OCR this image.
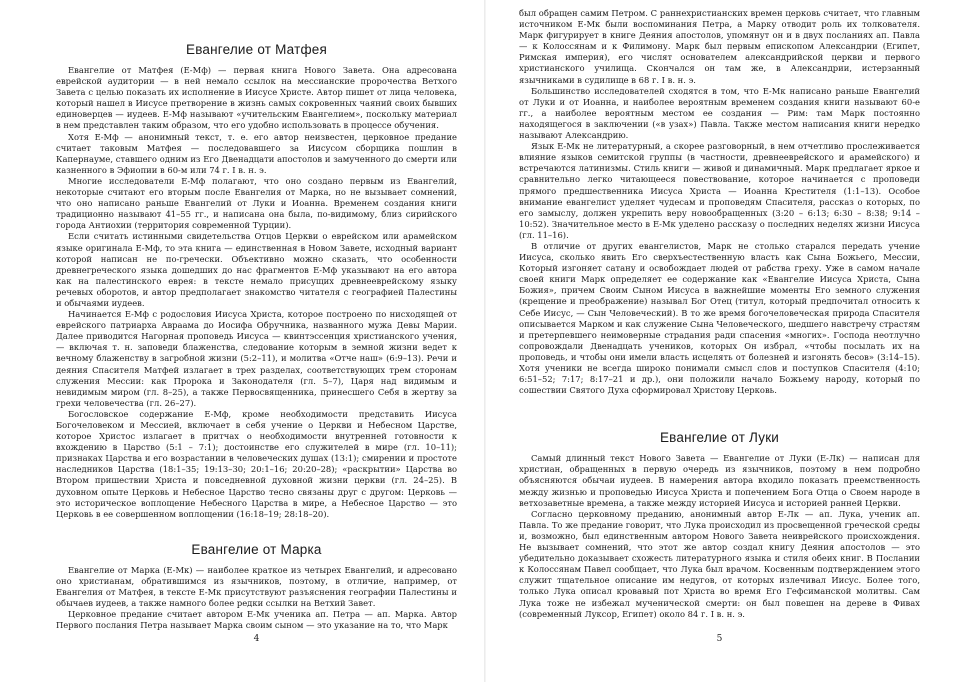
Евангелие от Матфея

Евангелие от Матфея (Е-Мф) — первая книга Нового Завета. Она адресована еврейской аудитории — в ней немало ссылок на мессианские пророчества Ветхого Завета с целью показать их исполнение в Иисусе Христе. Автор пишет от лица человека, который нашел в Иисусе претворение в жизнь самых сокровенных чаяний своих бывших единоверцев — иудеев. Е-Мф называют «учительским Евангелием», поскольку материал в нем представлен таким образом, что его удобно использовать в процессе обучения.

Хотя Е-Мф — анонимный текст, т. е. его автор неизвестен, церковное предание считает таковым Матфея — последовавшего за Иисусом сборщика пошлин в Капернауме, ставшего одним из Его Двенадцати апостолов и замученного до смерти или казненного в Эфиопии в 60-м или 74 г. I в. н. э.

Многие исследователи Е-Мф полагают, что оно создано первым из Евангелий, некоторые считают его вторым после Евангелия от Марка, но не вызывает сомнений, что оно написано раньше Евангелий от Луки и Иоанна. Временем создания книги традиционно называют 41–55 гг., и написана она была, по-видимому, близ сирийского города Антиохии (территория современной Турции).

Если считать истинными свидетельства Отцов Церкви о еврейском или арамейском языке оригинала Е-Мф, то эта книга — единственная в Новом Завете, исходный вариант которой написан не по-гречески. Объективно можно сказать, что особенности древнегреческого языка дошедших до нас фрагментов Е-Мф указывают на его автора как на палестинского еврея: в тексте немало присущих древнееврейскому языку речевых оборотов, и автор предполагает знакомство читателя с географией Палестины и обычаями иудеев.

Начинается Е-Мф с родословия Иисуса Христа, которое построено по нисходящей от еврейского патриарха Авраама до Иосифа Обручника, названного мужа Девы Марии. Далее приводится Нагорная проповедь Иисуса — квинтэссенция христианского учения, — включая т. н. заповеди блаженства, следование которым в земной жизни ведет к вечному блаженству в загробной жизни (5:2–11), и молитва «Отче наш» (6:9–13). Речи и деяния Спасителя Матфей излагает в трех разделах, соответствующих трем сторонам служения Мессии: как Пророка и Законодателя (гл. 5–7), Царя над видимым и невидимым миром (гл. 8–25), а также Первосвященника, принесшего Себя в жертву за грехи человечества (гл. 26–27).

Богословское содержание Е-Мф, кроме необходимости представить Иисуса Богочеловеком и Мессией, включает в себя учение о Церкви и Небесном Царстве, которое Христос излагает в притчах о необходимости внутренней готовности к вхождению в Царство (5:1 – 7:1); достоинстве его служителей в мире (гл. 10–11); признаках Царства и его возрастании в человеческих душах (13:1); смирении и простоте наследников Царства (18:1–35; 19:13–30; 20:1–16; 20:20–28); «раскрытии» Царства во Втором пришествии Христа и повседневной духовной жизни церкви (гл. 24–25). В духовном опыте Церковь и Небесное Царство тесно связаны друг с другом: Церковь — это историческое воплощение Небесного Царства в мире, а Небесное Царство — это Церковь в ее совершенном воплощении (16:18–19; 28:18–20).

Евангелие от Марка

Евангелие от Марка (Е-Мк) — наиболее краткое из четырех Евангелий, и адресовано оно христианам, обратившимся из язычников, поэтому, в отличие, например, от Евангелия от Матфея, в тексте Е-Мк присутствуют разъяснения географии Палестины и обычаев иудеев, а также намного более редки ссылки на Ветхий Завет.

Церковное предание считает автором Е-Мк ученика ап. Петра — ап. Марка. Автор Первого послания Петра называет Марка своим сыном — это указание на то, что Марк

4

был обращен самим Петром. С раннехристианских времен церковь считает, что главным источником Е-Мк были воспоминания Петра, а Марку отводит роль их толкователя. Марк фигурирует в книге Деяния апостолов, упомянут он и в двух посланиях ап. Павла — к Колоссянам и к Филимону. Марк был первым епископом Александрии (Египет, Римская империя), его числят основателем александрийской церкви и первого христианского училища. Скончался он там же, в Александрии, истерзанный язычниками в судилище в 68 г. I в. н. э.

Большинство исследователей сходятся в том, что Е-Мк написано раньше Евангелий от Луки и от Иоанна, и наиболее вероятным временем создания книги называют 60-е гг., а наиболее вероятным местом ее создания — Рим: там Марк постоянно находящегося в заключении («в узах») Павла. Также местом написания книги нередко называют Александрию.

Язык Е-Мк не литературный, а скорее разговорный, в нем отчетливо прослеживается влияние языков семитской группы (в частности, древнееврейского и арамейского) и встречаются латинизмы. Стиль книги — живой и динамичный. Марк предлагает яркое и сравнительно легко читающееся повествование, которое начинается с проповеди прямого предшественника Иисуса Христа — Иоанна Крестителя (1:1–13). Особое внимание евангелист уделяет чудесам и проповедям Спасителя, рассказ о которых, по его замыслу, должен укрепить веру новообращенных (3:20 – 6:13; 6:30 – 8:38; 9:14 – 10:52). Значительное место в Е-Мк уделено рассказу о последних неделях жизни Иисуса (гл. 11–16).

В отличие от других евангелистов, Марк не столько старался передать учение Иисуса, сколько явить Его сверхъестественную власть как Сына Божьего, Мессии, Который изгоняет сатану и освобождает людей от рабства греху. Уже в самом начале своей книги Марк определяет ее содержание как «Евангелие Иисуса Христа, Сына Божия», причем Своим Сыном Иисуса в важнейшие моменты Его земного служения (крещение и преображение) называл Бог Отец (титул, который предпочитал относить к Себе Иисус, — Сын Человеческий). В то же время богочеловеческая природа Спасителя описывается Марком и как служение Сына Человеческого, шедшего навстречу страстям и претерпевшего неимоверные страдания ради спасения «многих». Господа неотлучно сопровождали Двенадцать учеников, которых Он избрал, «чтобы посылать их на проповедь, и чтобы они имели власть исцелять от болезней и изгонять бесов» (3:14–15). Хотя ученики не всегда широко понимали смысл слов и поступков Спасителя (4:10; 6:51–52; 7:17; 8:17–21 и др.), они положили начало Божьему народу, который по сошествии Святого Духа сформировал Христову Церковь.

Евангелие от Луки

Самый длинный текст Нового Завета — Евангелие от Луки (Е-Лк) — написан для христиан, обращенных в первую очередь из язычников, поэтому в нем подробно объясняются обычаи иудеев. В намерения автора входило показать преемственность между жизнью и проповедью Иисуса Христа и попечением Бога Отца о Своем народе в ветхозаветные времена, а также между историей Иисуса и историей ранней Церкви.

Согласно церковному преданию, анонимный автор Е-Лк — ап. Лука, ученик ап. Павла. То же предание говорит, что Лука происходил из просвещенной греческой среды и, возможно, был единственным автором Нового Завета неиврейского происхождения. Не вызывает сомнений, что этот же автор создал книгу Деяния апостолов — это убедительно доказывает схожесть литературного языка и стиля обеих книг. В Послании к Колоссянам Павел сообщает, что Лука был врачом. Косвенным подтверждением этого служит тщательное описание им недугов, от которых излечивал Иисус. Более того, только Лука описал кровавый пот Христа во время Его Гефсиманской молитвы. Сам Лука тоже не избежал мученической смерти: он был повешен на дереве в Фивах (современный Луксор, Египет) около 84 г. I в. н. э.

5
